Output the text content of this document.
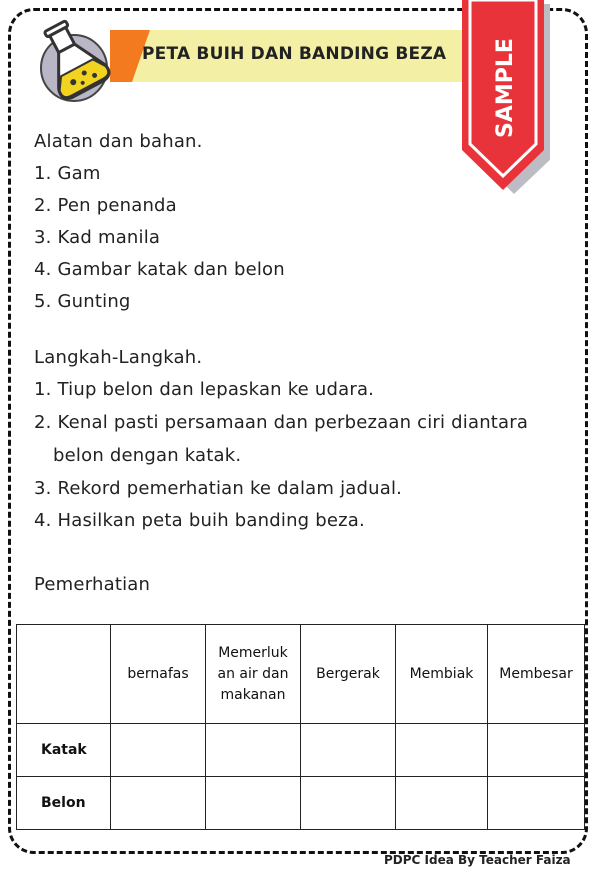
PETA BUIH DAN BANDING BEZA SAMPLE
Alatan dan bahan.
1. Gam
2. Pen penanda
3. Kad manila
4. Gambar katak dan belon
5. Gunting
Langkah-Langkah.
1. Tiup belon dan lepaskan ke udara.
2. Kenal pasti persamaan dan perbezaan ciri diantara
belon dengan katak.
3. Rekord pemerhatian ke dalam jadual.
4. Hasilkan peta buih banding beza.
Pemerhatian
	bernafas	Memerluk an air dan makanan	Bergerak	Membiak	Membesar
Katak					
Belon					
PDPC Idea By Teacher Faiza
